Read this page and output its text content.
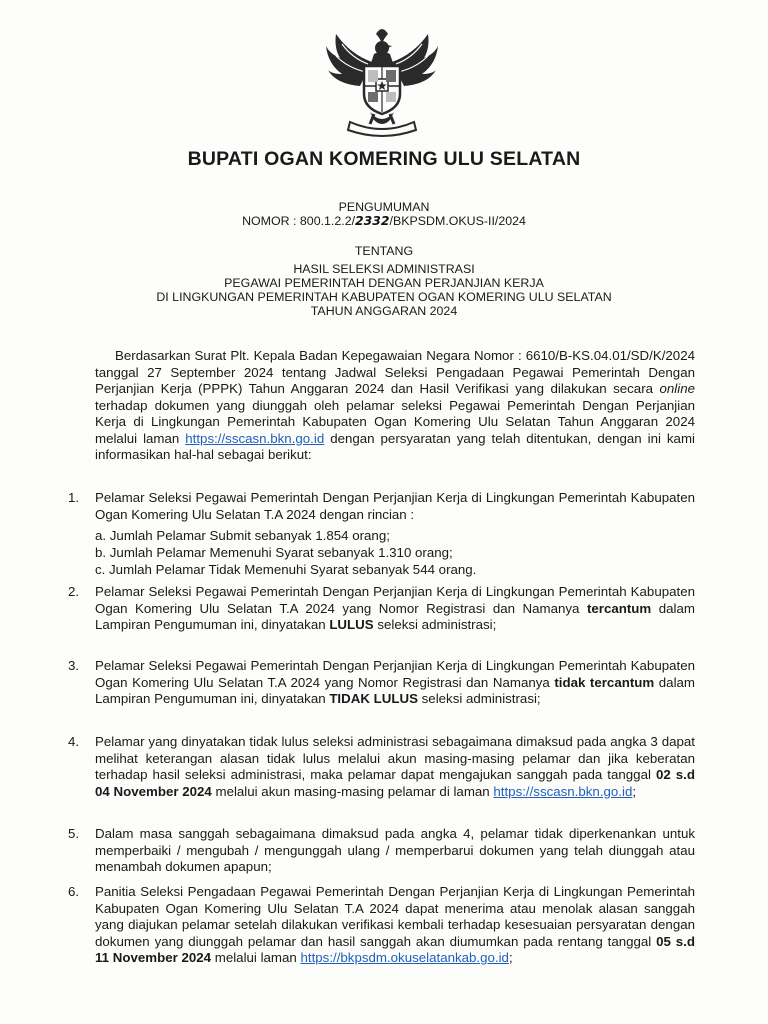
BUPATI OGAN KOMERING ULU SELATAN
PENGUMUMAN
NOMOR : 800.1.2.2/2332/BKPSDM.OKUS-II/2024
TENTANG
HASIL SELEKSI ADMINISTRASI
PEGAWAI PEMERINTAH DENGAN PERJANJIAN KERJA
DI LINGKUNGAN PEMERINTAH KABUPATEN OGAN KOMERING ULU SELATAN
TAHUN ANGGARAN 2024
Berdasarkan Surat Plt. Kepala Badan Kepegawaian Negara Nomor : 6610/B-KS.04.01/SD/K/2024 tanggal 27 September 2024 tentang Jadwal Seleksi Pengadaan Pegawai Pemerintah Dengan Perjanjian Kerja (PPPK) Tahun Anggaran 2024 dan Hasil Verifikasi yang dilakukan secara online terhadap dokumen yang diunggah oleh pelamar seleksi Pegawai Pemerintah Dengan Perjanjian Kerja di Lingkungan Pemerintah Kabupaten Ogan Komering Ulu Selatan Tahun Anggaran 2024 melalui laman https://sscasn.bkn.go.id dengan persyaratan yang telah ditentukan, dengan ini kami informasikan hal-hal sebagai berikut:
1.	Pelamar Seleksi Pegawai Pemerintah Dengan Perjanjian Kerja di Lingkungan Pemerintah Kabupaten Ogan Komering Ulu Selatan T.A 2024 dengan rincian :
a. Jumlah Pelamar Submit sebanyak 1.854 orang;
b. Jumlah Pelamar Memenuhi Syarat sebanyak 1.310 orang;
c. Jumlah Pelamar Tidak Memenuhi Syarat sebanyak 544 orang.
2.	Pelamar Seleksi Pegawai Pemerintah Dengan Perjanjian Kerja di Lingkungan Pemerintah Kabupaten Ogan Komering Ulu Selatan T.A 2024 yang Nomor Registrasi dan Namanya tercantum dalam Lampiran Pengumuman ini, dinyatakan LULUS seleksi administrasi;
3.	Pelamar Seleksi Pegawai Pemerintah Dengan Perjanjian Kerja di Lingkungan Pemerintah Kabupaten Ogan Komering Ulu Selatan T.A 2024 yang Nomor Registrasi dan Namanya tidak tercantum dalam Lampiran Pengumuman ini, dinyatakan TIDAK LULUS seleksi administrasi;
4.	Pelamar yang dinyatakan tidak lulus seleksi administrasi sebagaimana dimaksud pada angka 3 dapat melihat keterangan alasan tidak lulus melalui akun masing-masing pelamar dan jika keberatan terhadap hasil seleksi administrasi, maka pelamar dapat mengajukan sanggah pada tanggal 02 s.d 04 November 2024 melalui akun masing-masing pelamar di laman https://sscasn.bkn.go.id;
5.	Dalam masa sanggah sebagaimana dimaksud pada angka 4, pelamar tidak diperkenankan untuk memperbaiki / mengubah / mengunggah ulang / memperbarui dokumen yang telah diunggah atau menambah dokumen apapun;
6.	Panitia Seleksi Pengadaan Pegawai Pemerintah Dengan Perjanjian Kerja di Lingkungan Pemerintah Kabupaten Ogan Komering Ulu Selatan T.A 2024 dapat menerima atau menolak alasan sanggah yang diajukan pelamar setelah dilakukan verifikasi kembali terhadap kesesuaian persyaratan dengan dokumen yang diunggah pelamar dan hasil sanggah akan diumumkan pada rentang tanggal 05 s.d 11 November 2024 melalui laman https://bkpsdm.okuselatankab.go.id;
